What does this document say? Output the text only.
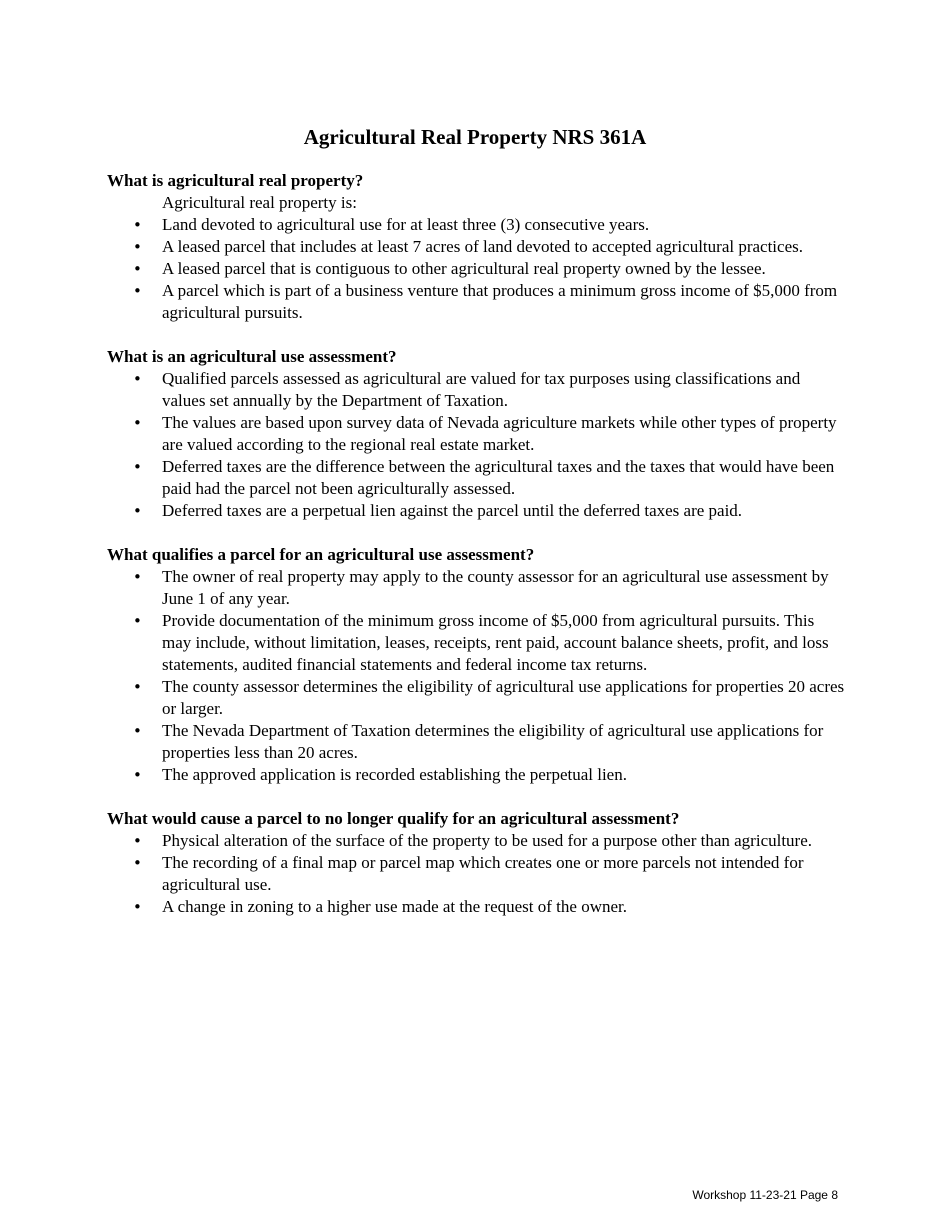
Agricultural Real Property NRS 361A

What is agricultural real property?

Agricultural real property is:

• Land devoted to agricultural use for at least three (3) consecutive years.
• A leased parcel that includes at least 7 acres of land devoted to accepted agricultural practices.
• A leased parcel that is contiguous to other agricultural real property owned by the lessee.
• A parcel which is part of a business venture that produces a minimum gross income of $5,000 from agricultural pursuits.

What is an agricultural use assessment?

• Qualified parcels assessed as agricultural are valued for tax purposes using classifications and values set annually by the Department of Taxation.
• The values are based upon survey data of Nevada agriculture markets while other types of property are valued according to the regional real estate market.
• Deferred taxes are the difference between the agricultural taxes and the taxes that would have been paid had the parcel not been agriculturally assessed.
• Deferred taxes are a perpetual lien against the parcel until the deferred taxes are paid.

What qualifies a parcel for an agricultural use assessment?

• The owner of real property may apply to the county assessor for an agricultural use assessment by June 1 of any year.
• Provide documentation of the minimum gross income of $5,000 from agricultural pursuits. This may include, without limitation, leases, receipts, rent paid, account balance sheets, profit, and loss statements, audited financial statements and federal income tax returns.
• The county assessor determines the eligibility of agricultural use applications for properties 20 acres or larger.
• The Nevada Department of Taxation determines the eligibility of agricultural use applications for properties less than 20 acres.
• The approved application is recorded establishing the perpetual lien.

What would cause a parcel to no longer qualify for an agricultural assessment?

• Physical alteration of the surface of the property to be used for a purpose other than agriculture.
• The recording of a final map or parcel map which creates one or more parcels not intended for agricultural use.
• A change in zoning to a higher use made at the request of the owner.
Workshop 11-23-21 Page 8
